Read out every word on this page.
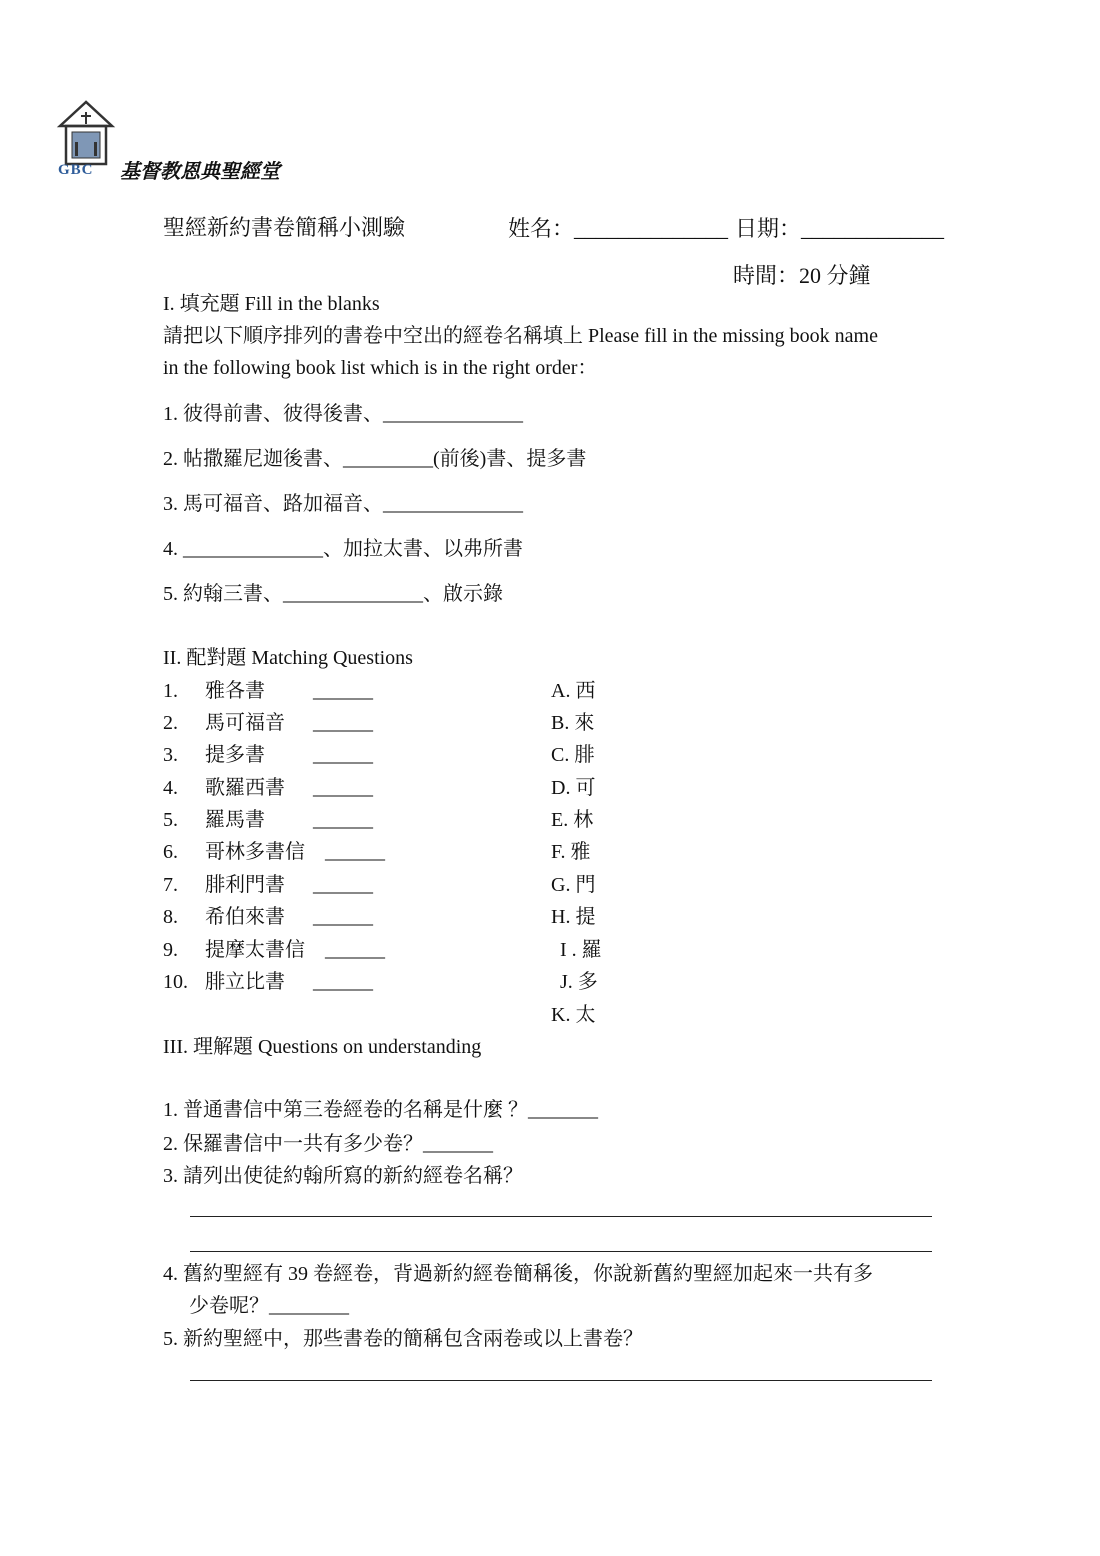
GBC 基督教恩典聖經堂
聖經新約書卷簡稱小測驗	姓名：______________ 日期：_____________
時間：20 分鐘
I. 填充題 Fill in the blanks
請把以下順序排列的書卷中空出的經卷名稱填上 Please fill in the missing book name
in the following book list which is in the right order：
1. 彼得前書、彼得後書、______________
2. 帖撒羅尼迦後書、_________(前後)書、提多書
3. 馬可福音、路加福音、______________
4. ______________、加拉太書、以弗所書
5. 約翰三書、______________、啟示錄
II. 配對題 Matching Questions
1. 雅各書 ______
2. 馬可福音 ______
3. 提多書 ______
4. 歌羅西書 ______
5. 羅馬書 ______
6. 哥林多書信 ______
7. 腓利門書 ______
8. 希伯來書 ______
9. 提摩太書信 ______
10. 腓立比書 ______
A. 西
B. 來
C. 腓
D. 可
E. 林
F. 雅
G. 門
H. 提
I . 羅
J. 多
K. 太
III. 理解題 Questions on understanding
1. 普通書信中第三卷經卷的名稱是什麼 ？_______
2. 保羅書信中一共有多少卷？_______
3. 請列出使徒約翰所寫的新約經卷名稱？
4. 舊約聖經有 39 卷經卷，背過新約經卷簡稱後，你說新舊約聖經加起來一共有多
少卷呢？________
5. 新約聖經中，那些書卷的簡稱包含兩卷或以上書卷？
